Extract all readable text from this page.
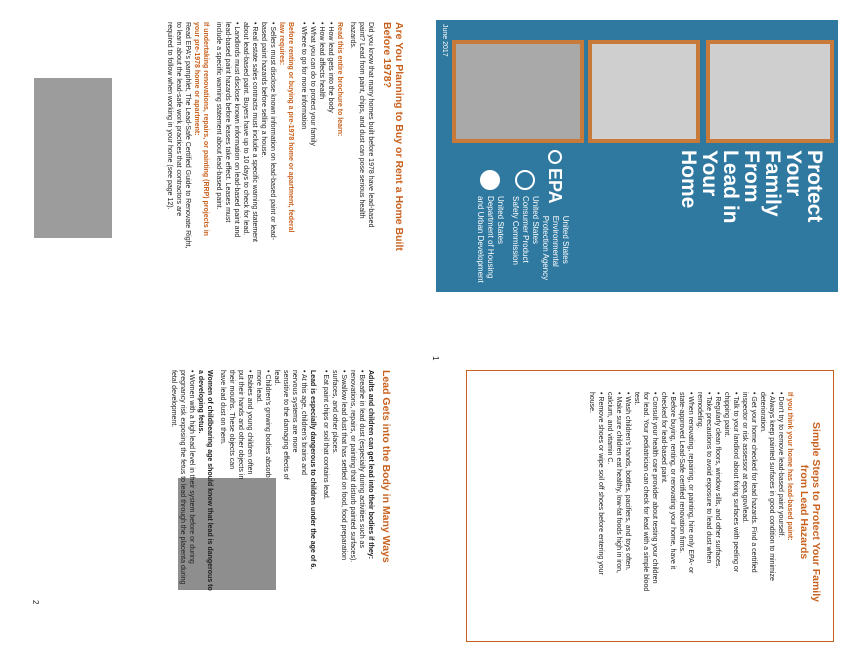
June 2017
Protect
Your
Family
From
Lead in
Your
Home
EPA
United States
Environmental
Protection Agency
United States
Consumer Product
Safety Commission
United States
Department of Housing
and Urban Development
Are You Planning to Buy or Rent a Home Built
Before 1978?
Did you know that many homes built before 1978 have lead-based
paint? Lead from paint, chips, and dust can pose serious health
hazards.
Read this entire brochure to learn:
• How lead gets into the body
• How lead affects health
• What you can do to protect your family
• Where to go for more information
Before renting or buying a pre-1978 home or apartment, federal
law requires:
• Sellers must disclose known information on lead-based paint or lead-based paint hazards before selling a house.
• Real estate sales contracts must include a specific warning statement about lead-based paint. Buyers have up to 10 days to check for lead.
• Landlords must disclose known information on lead-based paint and lead-based paint hazards before leases take effect. Leases must include a specific warning statement about lead-based paint.
If undertaking renovations, repairs, or painting (RRP) projects in
your pre-1978 home or apartment:
Read EPA's pamphlet, The Lead-Safe Certified Guide to Renovate Right,
to learn about the lead-safe work practices that contractors are
required to follow when working in your home (see page 12).
Lead Gets into the Body in Many Ways
Adults and children can get lead into their bodies if they:
• Breathe in lead dust (especially during activities such as renovations, repairs, or painting that disturb painted surfaces).
• Swallow lead dust that has settled on food, food preparation surfaces, and other places.
• Eat paint chips or soil that contains lead.
Lead is especially dangerous to children under the age of 6.
• At this age, children's brains and nervous systems are more sensitive to the damaging effects of lead.
• Children's growing bodies absorb more lead.
• Babies and young children often put their hands and other objects in their mouths. These objects can have lead dust on them.
Women of childbearing age should know that lead is dangerous to
a developing fetus.
• Women with a high lead level in their system before or during pregnancy risk exposing the fetus to lead through the placenta during fetal development.
2
Simple Steps to Protect Your Family
from Lead Hazards
If you think your home has lead-based paint:
• Don't try to remove lead-based paint yourself.
• Always keep painted surfaces in good condition to minimize deterioration.
• Get your home checked for lead hazards. Find a certified inspector or risk assessor at epa.gov/lead.
• Talk to your landlord about fixing surfaces with peeling or chipping paint.
• Regularly clean floors, window sills, and other surfaces.
• Take precautions to avoid exposure to lead dust when remodeling.
• When renovating, repairing, or painting, hire only EPA- or state-approved Lead-Safe certified renovation firms.
• Before buying, renting, or renovating your home, have it checked for lead-based paint.
• Consult your health care provider about testing your children for lead. Your pediatrician can check for lead with a simple blood test.
• Wash children's hands, bottles, pacifiers, and toys often.
• Make sure children eat healthy, low-fat foods high in iron, calcium, and vitamin C.
• Remove shoes or wipe soil off shoes before entering your house.
1
